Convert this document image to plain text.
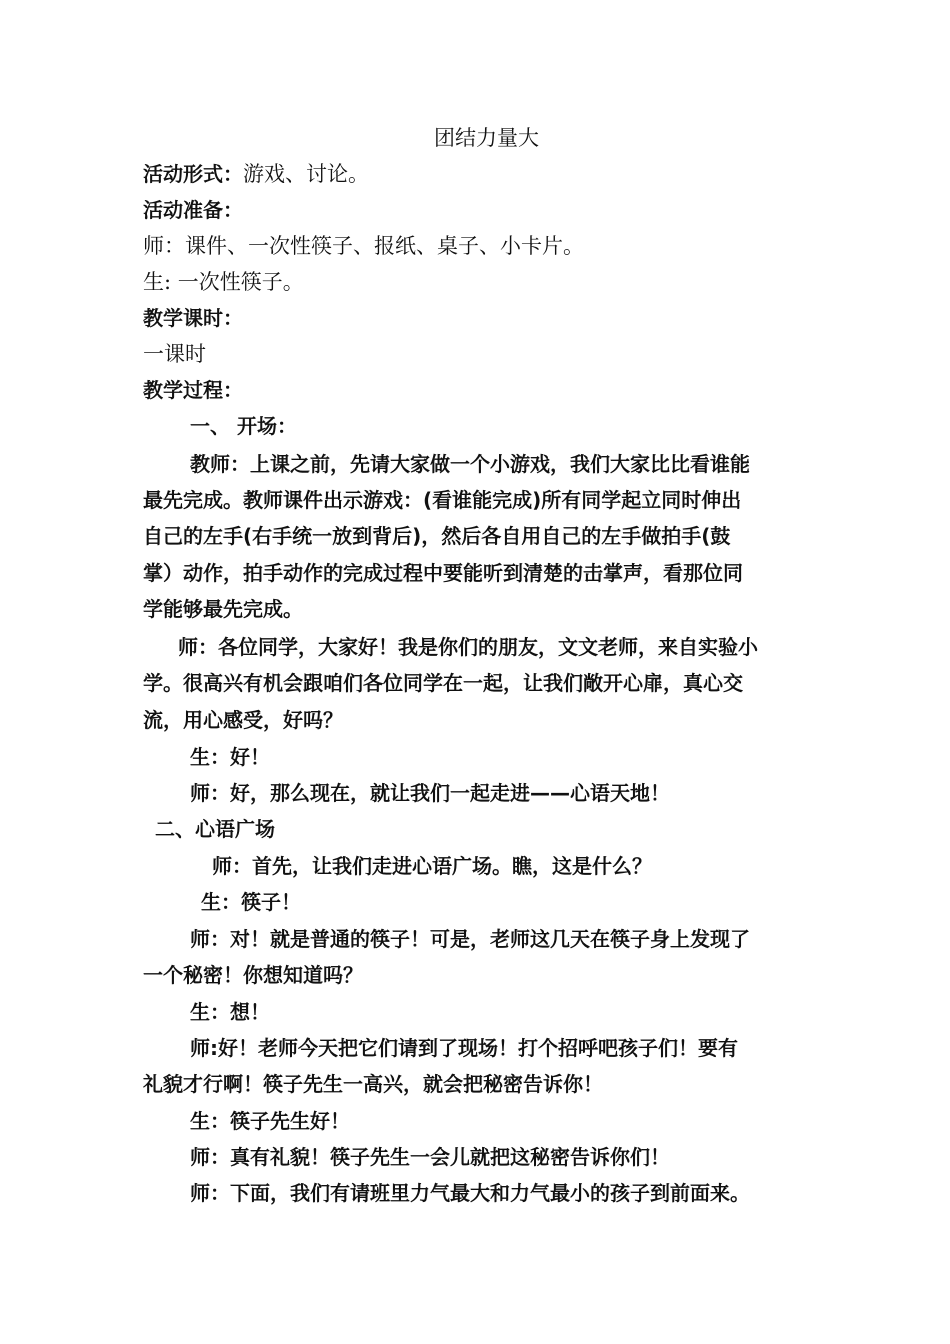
团结力量大
活动形式：游戏、讨论。
活动准备：
师：课件、一次性筷子、报纸、桌子、小卡片。
生: 一次性筷子。
教学课时：
一课时
教学过程：
一、 开场：
教师：上课之前，先请大家做一个小游戏，我们大家比比看谁能
最先完成。教师课件出示游戏：(看谁能完成)所有同学起立同时伸出
自己的左手(右手统一放到背后)，然后各自用自己的左手做拍手(鼓
掌）动作，拍手动作的完成过程中要能听到清楚的击掌声，看那位同
学能够最先完成。
师：各位同学，大家好！我是你们的朋友，文文老师，来自实验小
学。很高兴有机会跟咱们各位同学在一起，让我们敞开心扉，真心交
流，用心感受，好吗？
生：好！
师：好，那么现在，就让我们一起走进——心语天地！
二、心语广场
师：首先，让我们走进心语广场。瞧，这是什么？
生：筷子！
师：对！就是普通的筷子！可是，老师这几天在筷子身上发现了
一个秘密！你想知道吗？
生：想！
师:好！老师今天把它们请到了现场！打个招呼吧孩子们！要有
礼貌才行啊！筷子先生一高兴，就会把秘密告诉你！
生：筷子先生好！
师：真有礼貌！筷子先生一会儿就把这秘密告诉你们！
师：下面，我们有请班里力气最大和力气最小的孩子到前面来。
